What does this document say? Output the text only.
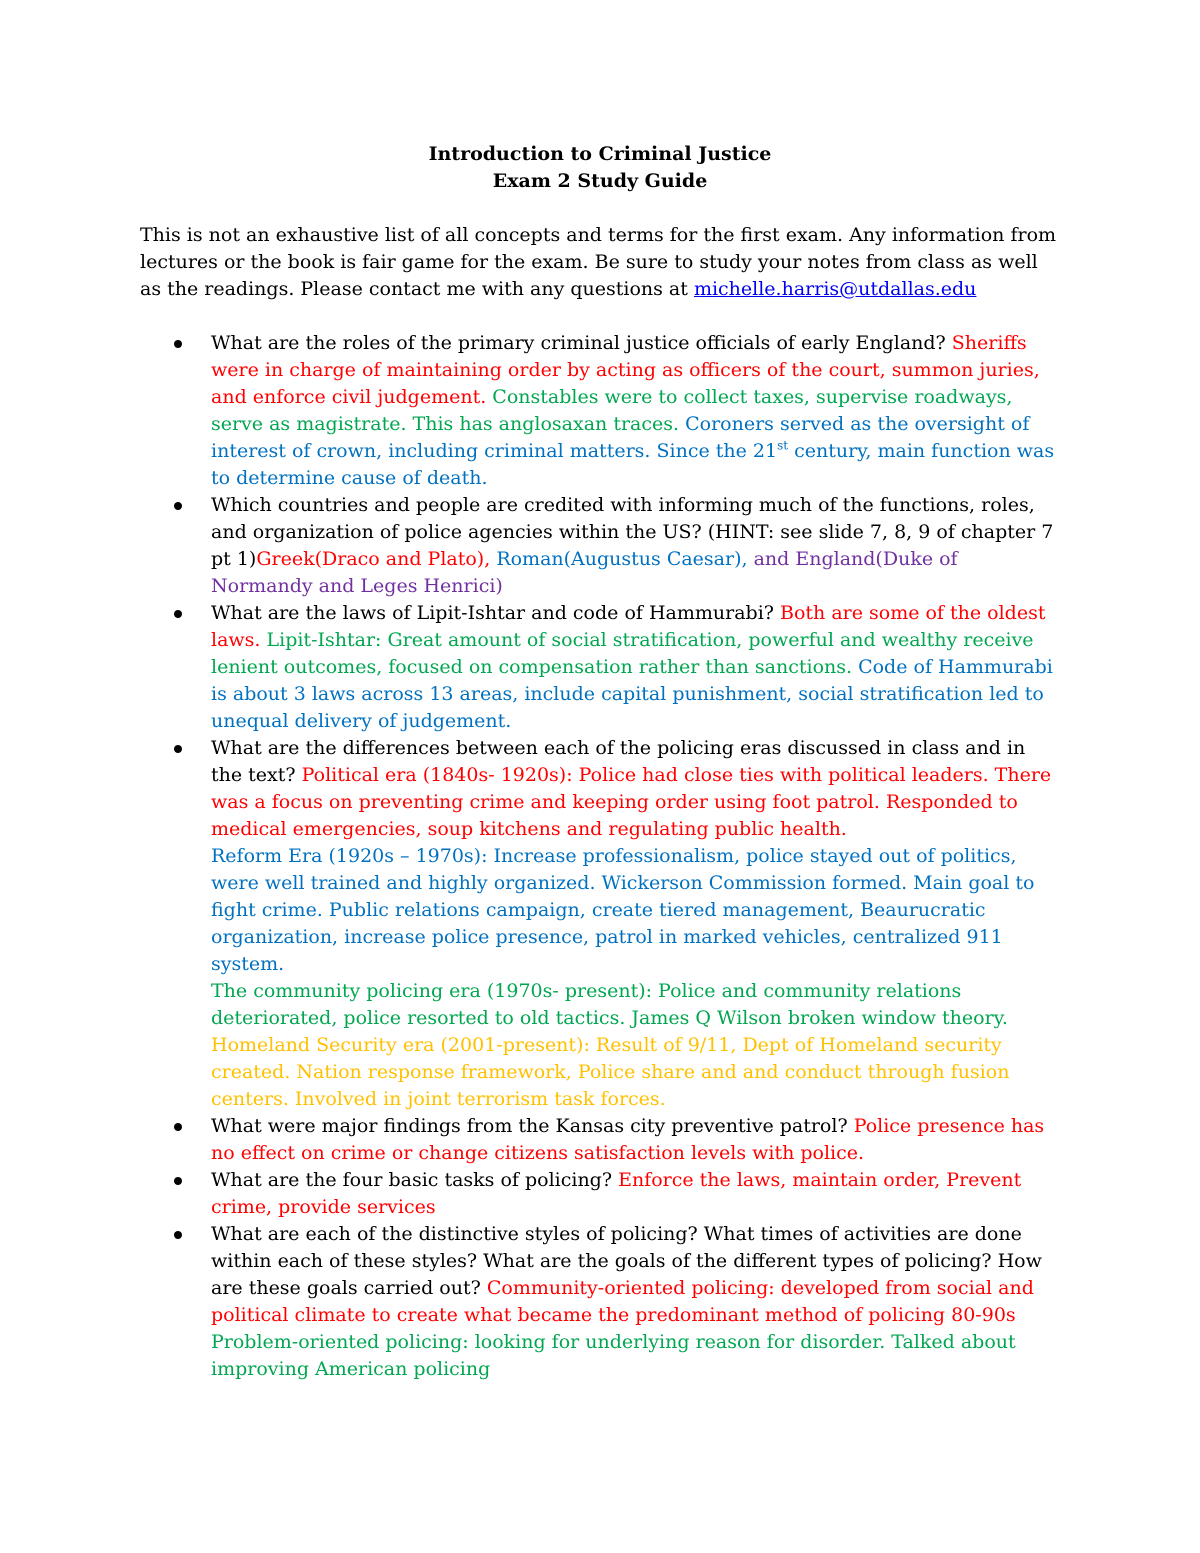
Introduction to Criminal Justice
Exam 2 Study Guide
This is not an exhaustive list of all concepts and terms for the first exam. Any information from lectures or the book is fair game for the exam. Be sure to study your notes from class as well as the readings. Please contact me with any questions at michelle.harris@utdallas.edu
What are the roles of the primary criminal justice officials of early England? Sheriffs were in charge of maintaining order by acting as officers of the court, summon juries, and enforce civil judgement. Constables were to collect taxes, supervise roadways, serve as magistrate. This has anglosaxan traces. Coroners served as the oversight of interest of crown, including criminal matters. Since the 21st century, main function was to determine cause of death.
Which countries and people are credited with informing much of the functions, roles, and organization of police agencies within the US? (HINT: see slide 7, 8, 9 of chapter 7 pt 1)Greek(Draco and Plato), Roman(Augustus Caesar), and England(Duke of Normandy and Leges Henrici)
What are the laws of Lipit-Ishtar and code of Hammurabi? Both are some of the oldest laws. Lipit-Ishtar: Great amount of social stratification, powerful and wealthy receive lenient outcomes, focused on compensation rather than sanctions. Code of Hammurabi is about 3 laws across 13 areas, include capital punishment, social stratification led to unequal delivery of judgement.
What are the differences between each of the policing eras discussed in class and in the text? Political era (1840s- 1920s): Police had close ties with political leaders. There was a focus on preventing crime and keeping order using foot patrol. Responded to medical emergencies, soup kitchens and regulating public health.
Reform Era (1920s – 1970s): Increase professionalism, police stayed out of politics, were well trained and highly organized. Wickerson Commission formed. Main goal to fight crime. Public relations campaign, create tiered management, Beaurucratic organization, increase police presence, patrol in marked vehicles, centralized 911 system.
The community policing era (1970s- present): Police and community relations deteriorated, police resorted to old tactics. James Q Wilson broken window theory.
Homeland Security era (2001-present): Result of 9/11, Dept of Homeland security created. Nation response framework, Police share and and conduct through fusion centers. Involved in joint terrorism task forces.
What were major findings from the Kansas city preventive patrol? Police presence has no effect on crime or change citizens satisfaction levels with police.
What are the four basic tasks of policing? Enforce the laws, maintain order, Prevent crime, provide services
What are each of the distinctive styles of policing? What times of activities are done within each of these styles? What are the goals of the different types of policing? How are these goals carried out? Community-oriented policing: developed from social and political climate to create what became the predominant method of policing 80-90s
Problem-oriented policing: looking for underlying reason for disorder. Talked about improving American policing
